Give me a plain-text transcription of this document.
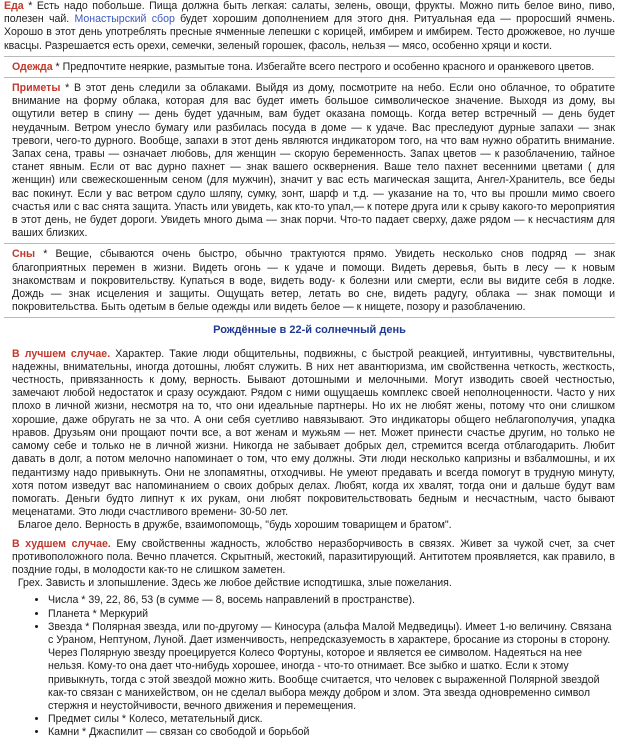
Еда * Есть надо побольше. Пища должна быть легкая: салаты, зелень, овощи, фрукты. Можно пить белое вино, пиво, полезен чай. Монастырский сбор будет хорошим дополнением для этого дня. Ритуальная еда — проросший ячмень. Хорошо в этот день употреблять пресные ячменные лепешки с корицей, имбирем и имбирем. Тесто дрожжевое, но лучше квасцы. Разрешается есть орехи, семечки, зеленый горошек, фасоль, нельзя — мясо, особенно хряци и кости.

Одежда * Предпочтите неяркие, размытые тона. Избегайте всего пестрого и особенно красного и оранжевого цветов.

Приметы * В этот день следили за облаками. Выйдя из дому, посмотрите на небо. Если оно облачное, то обратите внимание на форму облака, которая для вас будет иметь большое символическое значение. Выходя из дому, вы ощутили ветер в спину — день будет удачным, вам будет оказана помощь. Когда ветер встречный — день будет неудачным. Ветром унесло бумагу или разбилась посуда в доме — к удаче. Вас преследуют дурные запахи — знак тревоги, чего-то дурного. Вообще, запахи в этот день являются индикатором того, на что вам нужно обратить внимание. Запах сена, травы — означает любовь, для женщин — скорую беременность. Запах цветов — к разоблачению, тайное станет явным. Если от вас дурно пахнет — знак вашего осквернения. Ваше тело пахнет весенними цветами ( для женщин) или свежескошенным сеном (для мужчин), значит у вас есть магическая защита, Ангел-Хранитель, все беды вас покинут. Если у вас ветром сдуло шляпу, сумку, зонт, шарф и т.д. — указание на то, что вы прошли мимо своего счастья или с вас снята защита. Упасть или увидеть, как кто-то упал,— к потере друга или к срыву какого-то мероприятия в этот день, не будет дороги. Увидеть много дыма — знак порчи. Что-то падает сверху, даже рядом — к несчастиям для ваших близких.

Сны * Вещие, сбываются очень быстро, обычно трактуются прямо. Увидеть несколько снов подряд — знак благоприятных перемен в жизни. Видеть огонь — к удаче и помощи. Видеть деревья, быть в лесу — к новым знакомствам и покровительству. Купаться в воде, видеть воду- к болезни или смерти, если вы видите себя в лодке. Дождь — знак исцеления и защиты. Ощущать ветер, летать во сне, видеть радугу, облака — знак помощи и покровительства. Быть одетым в белые одежды или видеть белое — к нищете, позору и разоблачению.

Рождённые в 22-й солнечный день

В лучшем случае. Характер. Такие люди общительны, подвижны, с быстрой реакцией, интуитивны, чувствительны, надежны, внимательны, иногда дотошны, любят служить. В них нет авантюризма, им свойственна четкость, жесткость, честность, привязанность к дому, верность. Бывают дотошными и мелочными. Могут изводить своей честностью, замечают любой недостаток и сразу осуждают. Рядом с ними ощущаешь комплекс своей неполноценности. Часто у них плохо в личной жизни, несмотря на то, что они идеальные партнеры. Но их не любят жены, потому что они слишком хорошие, даже обругать не за что. А они себя суетливо навязывают. Это индикаторы общего неблагополучия, упадка нравов. Друзьям они прощают почти все, а вот женам и мужьям — нет. Может принести счастье другим, но только не самому себе и только не в личной жизни. Никогда не забывает добрых дел, стремится всегда отблагодарить. Любит давать в долг, а потом мелочно напоминает о том, что ему должны. Эти люди несколько капризны и взбалмошны, и их педантизму надо привыкнуть. Они не злопамятны, отходчивы. Не умеют предавать и всегда помогут в трудную минуту, хотя потом изведут вас напоминанием о своих добрых делах. Любят, когда их хвалят, тогда они и дальше будут вам помогать. Деньги будто липнут к их рукам, они любят покровительствовать бедным и несчастным, часто бывают меценатами. Это люди счастливого времени- 30-50 лет.

Благое дело. Верность в дружбе, взаимопомощь, "будь хорошим товарищем и братом".

В худшем случае. Ему свойственны жадность, жлобство неразборчивость в связях. Живет за чужой счет, за счет противоположного пола. Вечно плачется. Скрытный, жестокий, паразитирующий. Антитотем проявляется, как правило, в поздние годы, в молодости как-то не слишком заметен.

Грех. Зависть и злопышление. Здесь же любое действие исподтишка, злые пожелания.

• Числа * 39, 22, 86, 53 (в сумме — 8, восемь направлений в пространстве).
• Планета * Меркурий
• Звезда * Полярная звезда, или по-другому — Киносура (альфа Малой Медведицы). Имеет 1-ю величину. Связана с Ураном, Нептуном, Луной. Дает изменчивость, непредсказуемость в характере, бросание из стороны в сторону. Через Полярную звезду проецируется Колесо Фортуны, которое и является ее символом. Надеяться на нее нельзя. Кому-то она дает что-нибудь хорошее, иногда - что-то отнимает. Все зыбко и шатко. Если к этому привыкнуть, тогда с этой звездой можно жить. Вообще считается, что человек с выраженной Полярной звездой как-то связан с манихейством, он не сделал выбора между добром и злом. Эта звезда одновременно символ стержня и неустойчивости, вечного движения и перемещения.
• Предмет силы * Колесо, метательный диск.
• Камни * Джаспилит — связан со свободой и борьбой
